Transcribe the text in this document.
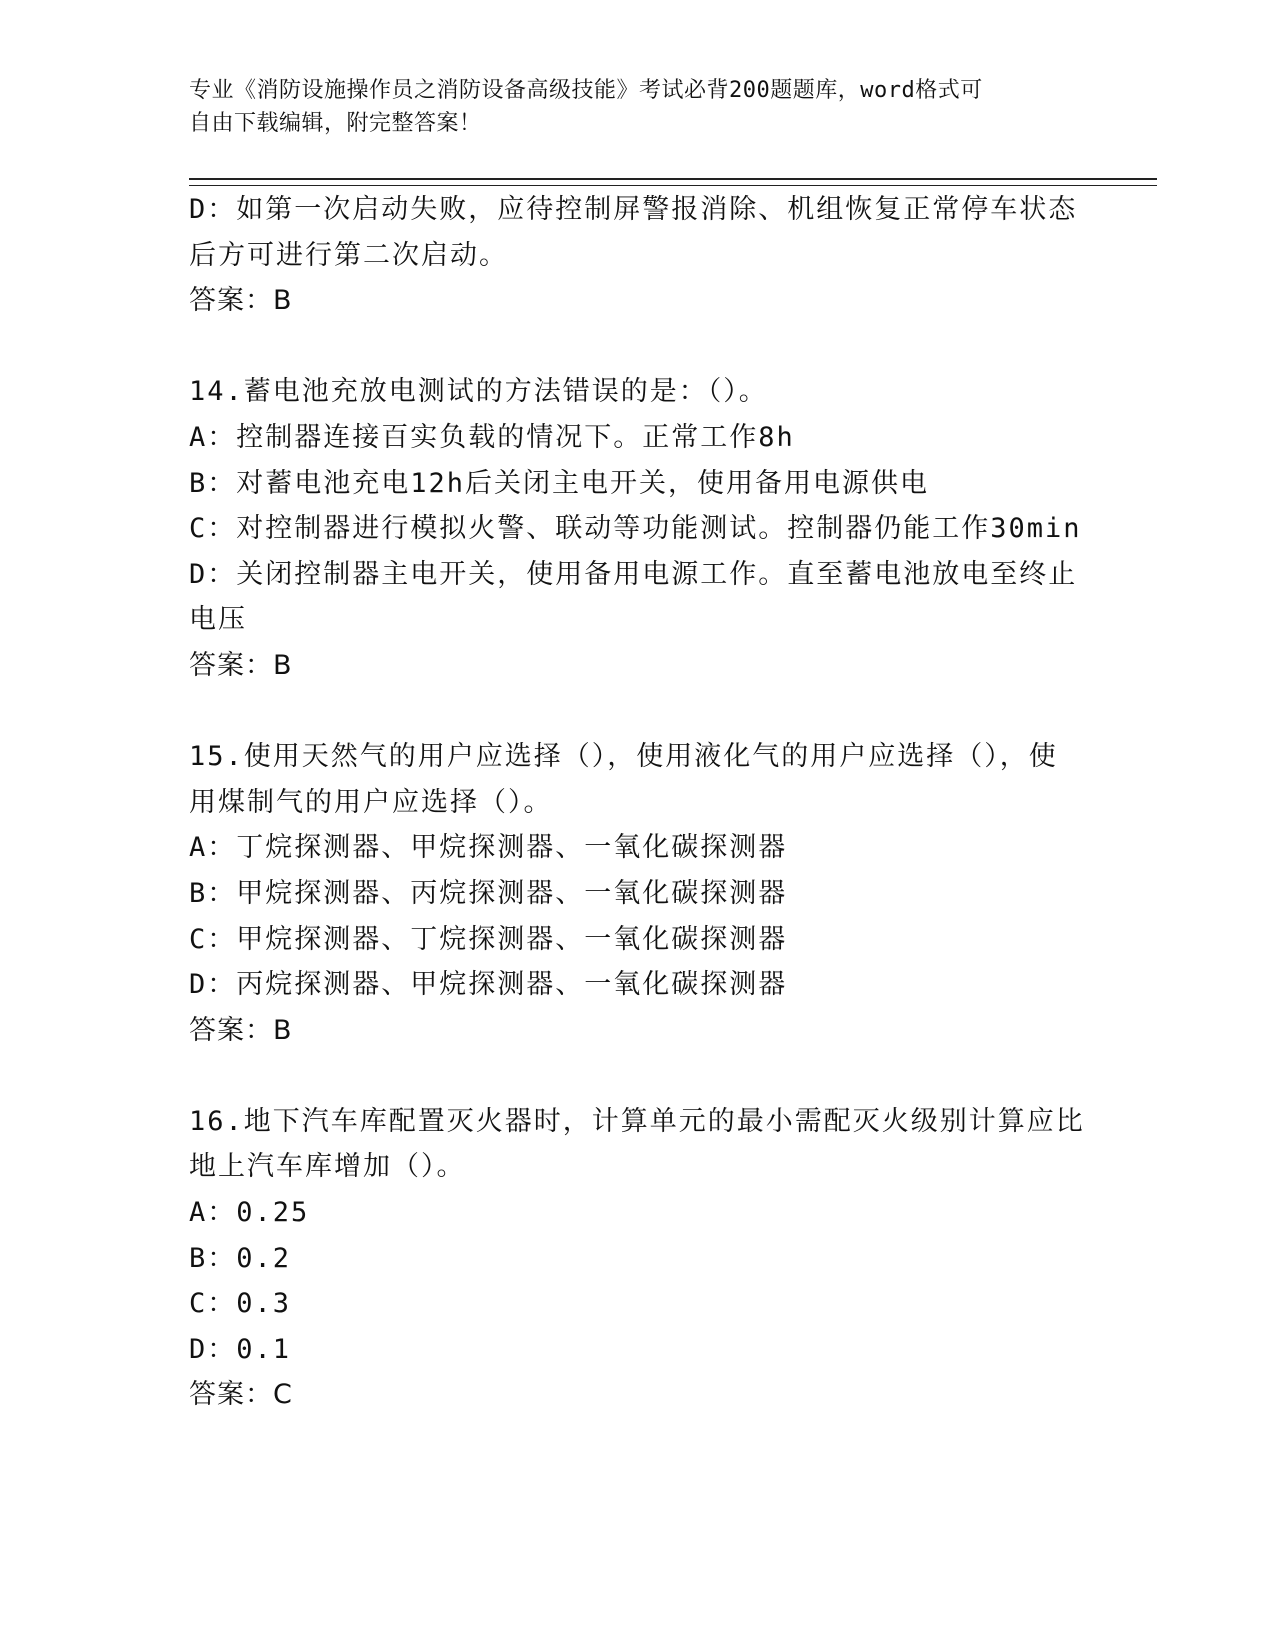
专业《消防设施操作员之消防设备高级技能》考试必背200题题库，word格式可
自由下载编辑，附完整答案！
D：如第一次启动失败，应待控制屏警报消除、机组恢复正常停车状态
后方可进行第二次启动。
答案：B
14.蓄电池充放电测试的方法错误的是：（）。
A：控制器连接百实负载的情况下。正常工作8h
B：对蓄电池充电12h后关闭主电开关，使用备用电源供电
C：对控制器进行模拟火警、联动等功能测试。控制器仍能工作30min
D：关闭控制器主电开关，使用备用电源工作。直至蓄电池放电至终止
电压
答案：B
15.使用天然气的用户应选择（），使用液化气的用户应选择（），使
用煤制气的用户应选择（）。
A：丁烷探测器、甲烷探测器、一氧化碳探测器
B：甲烷探测器、丙烷探测器、一氧化碳探测器
C：甲烷探测器、丁烷探测器、一氧化碳探测器
D：丙烷探测器、甲烷探测器、一氧化碳探测器
答案：B
16.地下汽车库配置灭火器时，计算单元的最小需配灭火级别计算应比
地上汽车库增加（）。
A：0.25
B：0.2
C：0.3
D：0.1
答案：C
